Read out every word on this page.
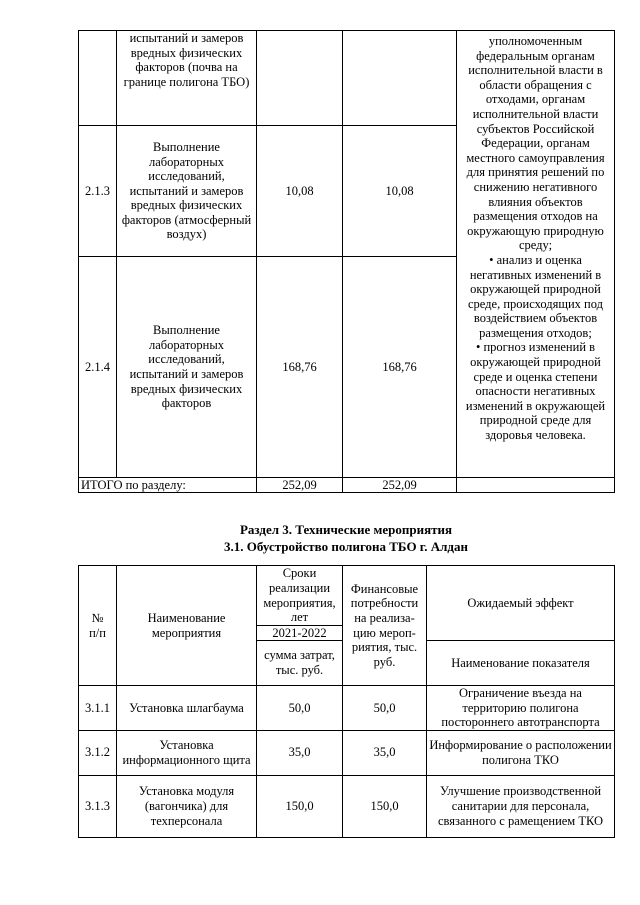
	испытаний и замеров вредных физических факторов (почва на границе полигона ТБО)			уполномоченным федеральным органам исполнительной власти в области обращения с отходами, органам исполнительной власти субъектов Российской Федерации, органам местного самоуправления для принятия решений по снижению негативного влияния объектов размещения отходов на окружающую природную среду;
• анализ и оценка негативных изменений в окружающей природной среде, происходящих под воздействием объектов размещения отходов;
• прогноз изменений в окружающей природной среде и оценка степени опасности негативных изменений в окружающей природной среде для здоровья человека.
2.1.3	Выполнение лабораторных исследований, испытаний и замеров вредных физических факторов (атмосферный воздух)	10,08	10,08	
2.1.4	Выполнение лабораторных исследований, испытаний и замеров вредных физических факторов	168,76	168,76	
ИТОГО по разделу:		252,09	252,09	
Раздел 3. Технические мероприятия
3.1. Обустройство полигона ТБО г. Алдан
№
п/п	Наименование мероприятия	Сроки реализации мероприятия, лет	Финансовые потребности на реализа-цию мероп-риятия, тыс. руб.	Ожидаемый эффект
		2021-2022		
		сумма затрат, тыс. руб.		Наименование показателя
3.1.1	Установка шлагбаума	50,0	50,0	Ограничение въезда на территорию полигона постороннего автотранспорта
3.1.2	Установка информационного щита	35,0	35,0	Информирование о расположении полигона ТКО
3.1.3	Установка модуля (вагончика) для техперсонала	150,0	150,0	Улучшение производственной санитарии для персонала, связанного с рамещением ТКО
